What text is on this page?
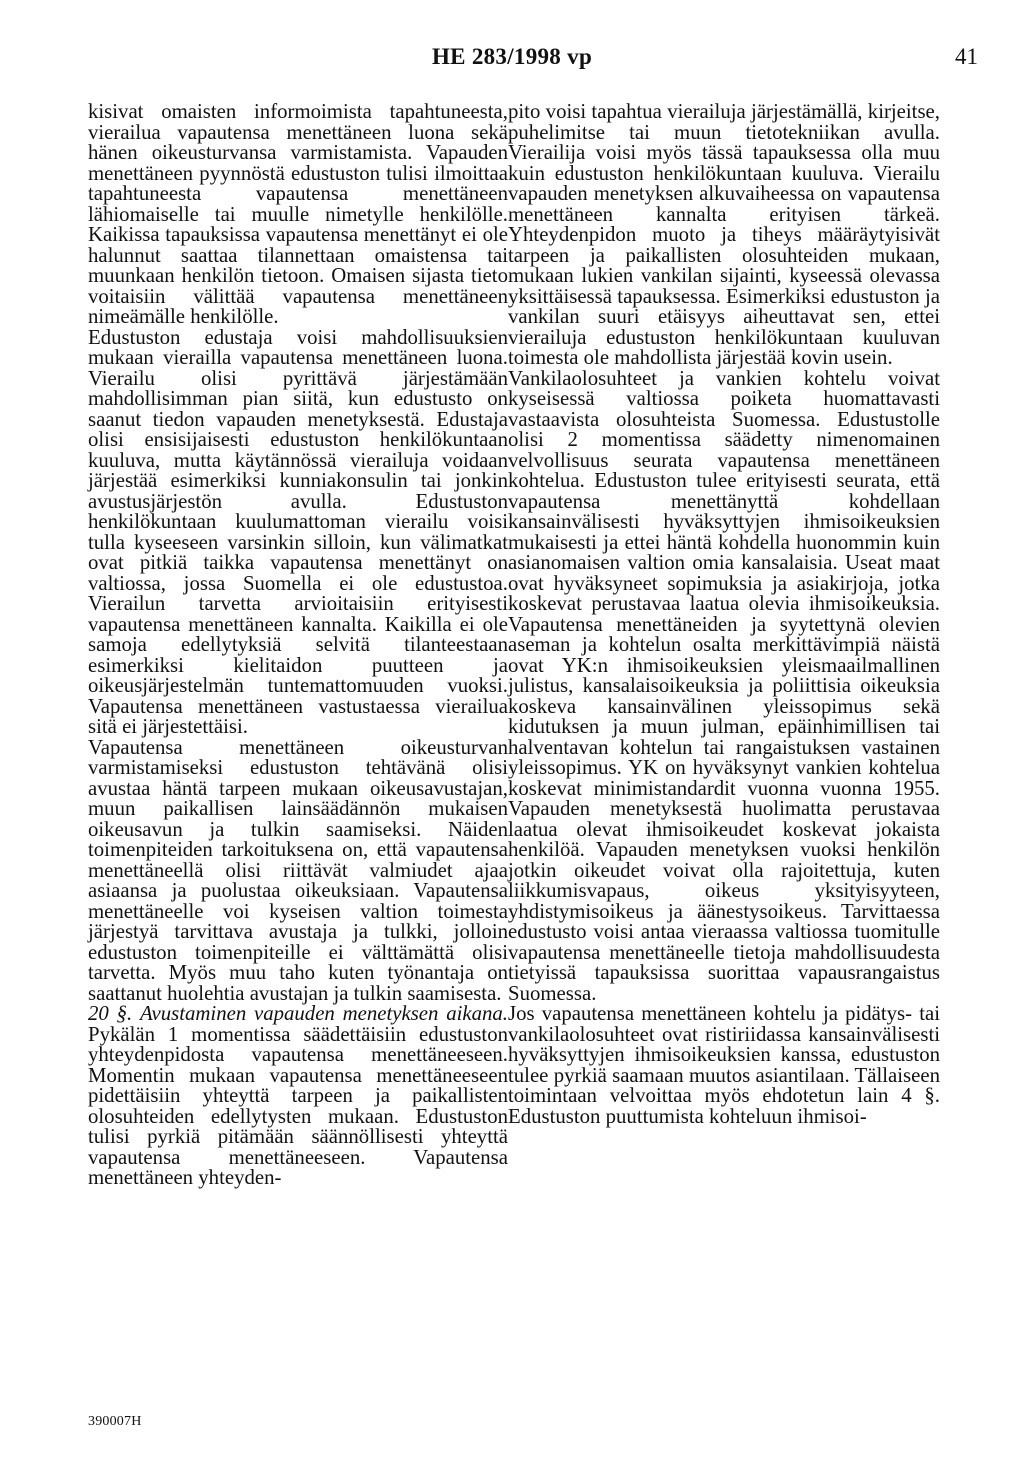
HE 283/1998 vp	41

kisivat omaisten informoimista tapahtuneesta, vierailua vapautensa menettäneen luona sekä hänen oikeusturvansa varmistamista. Vapauden menettäneen pyynnöstä edustuston tulisi ilmoittaa tapahtuneesta vapautensa menettäneen lähiomaiselle tai muulle nimetylle henkilölle. Kaikissa tapauksissa vapautensa menettänyt ei ole halunnut saattaa tilannettaan omaistensa tai muunkaan henkilön tietoon. Omaisen sijasta tieto voitaisiin välittää vapautensa menettäneen nimeämälle henkilölle.

Edustuston edustaja voisi mahdollisuuksien mukaan vierailla vapautensa menettäneen luona. Vierailu olisi pyrittävä järjestämään mahdollisimman pian siitä, kun edustusto on saanut tiedon vapauden menetyksestä. Edustaja olisi ensisijaisesti edustuston henkilökuntaan kuuluva, mutta käytännössä vierailuja voidaan järjestää esimerkiksi kunniakonsulin tai jonkin avustusjärjestön avulla. Edustuston henkilökuntaan kuulumattoman vierailu voisi tulla kyseeseen varsinkin silloin, kun välimatkat ovat pitkiä taikka vapautensa menettänyt on valtiossa, jossa Suomella ei ole edustustoa. Vierailun tarvetta arvioitaisiin erityisesti vapautensa menettäneen kannalta. Kaikilla ei ole samoja edellytyksiä selvitä tilanteestaan esimerkiksi kielitaidon puutteen ja oikeusjärjestelmän tuntemattomuuden vuoksi. Vapautensa menettäneen vastustaessa vierailua sitä ei järjestettäisi.

Vapautensa menettäneen oikeusturvan varmistamiseksi edustuston tehtävänä olisi avustaa häntä tarpeen mukaan oikeusavustajan, muun paikallisen lainsäädännön mukaisen oikeusavun ja tulkin saamiseksi. Näiden toimenpiteiden tarkoituksena on, että vapautensa menettäneellä olisi riittävät valmiudet ajaa asiaansa ja puolustaa oikeuksiaan. Vapautensa menettäneelle voi kyseisen valtion toimesta järjestyä tarvittava avustaja ja tulkki, jolloin edustuston toimenpiteille ei välttämättä olisi tarvetta. Myös muu taho kuten työnantaja on saattanut huolehtia avustajan ja tulkin saamisesta.

20 §. Avustaminen vapauden menetyksen aikana. Pykälän 1 momentissa säädettäisiin edustuston yhteydenpidosta vapautensa menettäneeseen. Momentin mukaan vapautensa menettäneeseen pidettäisiin yhteyttä tarpeen ja paikallisten olosuhteiden edellytysten mukaan. Edustuston tulisi pyrkiä pitämään säännöllisesti yhteyttä vapautensa menettäneeseen. Vapautensa menettäneen yhteyden-

pito voisi tapahtua vierailuja järjestämällä, kirjeitse, puhelimitse tai muun tietotekniikan avulla. Vierailija voisi myös tässä tapauksessa olla muu kuin edustuston henkilökuntaan kuuluva. Vierailu vapauden menetyksen alkuvaiheessa on vapautensa menettäneen kannalta erityisen tärkeä. Yhteydenpidon muoto ja tiheys määräytyisivät tarpeen ja paikallisten olosuhteiden mukaan, mukaan lukien vankilan sijainti, kyseessä olevassa yksittäisessä tapauksessa. Esimerkiksi edustuston ja vankilan suuri etäisyys aiheuttavat sen, ettei vierailuja edustuston henkilökuntaan kuuluvan toimesta ole mahdollista järjestää kovin usein.

Vankilaolosuhteet ja vankien kohtelu voivat kyseisessä valtiossa poiketa huomattavasti vastaavista olosuhteista Suomessa. Edustustolle olisi 2 momentissa säädetty nimenomainen velvollisuus seurata vapautensa menettäneen kohtelua. Edustuston tulee erityisesti seurata, että vapautensa menettänyttä kohdellaan kansainvälisesti hyväksyttyjen ihmisoikeuksien mukaisesti ja ettei häntä kohdella huonommin kuin asianomaisen valtion omia kansalaisia. Useat maat ovat hyväksyneet sopimuksia ja asiakirjoja, jotka koskevat perustavaa laatua olevia ihmisoikeuksia. Vapautensa menettäneiden ja syytettynä olevien aseman ja kohtelun osalta merkittävimpiä näistä ovat YK:n ihmisoikeuksien yleismaailmallinen julistus, kansalaisoikeuksia ja poliittisia oikeuksia koskeva kansainvälinen yleissopimus sekä kidutuksen ja muun julman, epäinhimillisen tai halventavan kohtelun tai rangaistuksen vastainen yleissopimus. YK on hyväksynyt vankien kohtelua koskevat minimistandardit vuonna vuonna 1955. Vapauden menetyksestä huolimatta perustavaa laatua olevat ihmisoikeudet koskevat jokaista henkilöä. Vapauden menetyksen vuoksi henkilön jotkin oikeudet voivat olla rajoitettuja, kuten liikkumisvapaus, oikeus yksityisyyteen, yhdistymisoikeus ja äänestysoikeus. Tarvittaessa edustusto voisi antaa vieraassa valtiossa tuomitulle vapautensa menettäneelle tietoja mahdollisuudesta tietyissä tapauksissa suorittaa vapausrangaistus Suomessa.

Jos vapautensa menettäneen kohtelu ja pidätys- tai vankilaolosuhteet ovat ristiriidassa kansainvälisesti hyväksyttyjen ihmisoikeuksien kanssa, edustuston tulee pyrkiä saamaan muutos asiantilaan. Tällaiseen toimintaan velvoittaa myös ehdotetun lain 4 §. Edustuston puuttumista kohteluun ihmisoi-

390007H
